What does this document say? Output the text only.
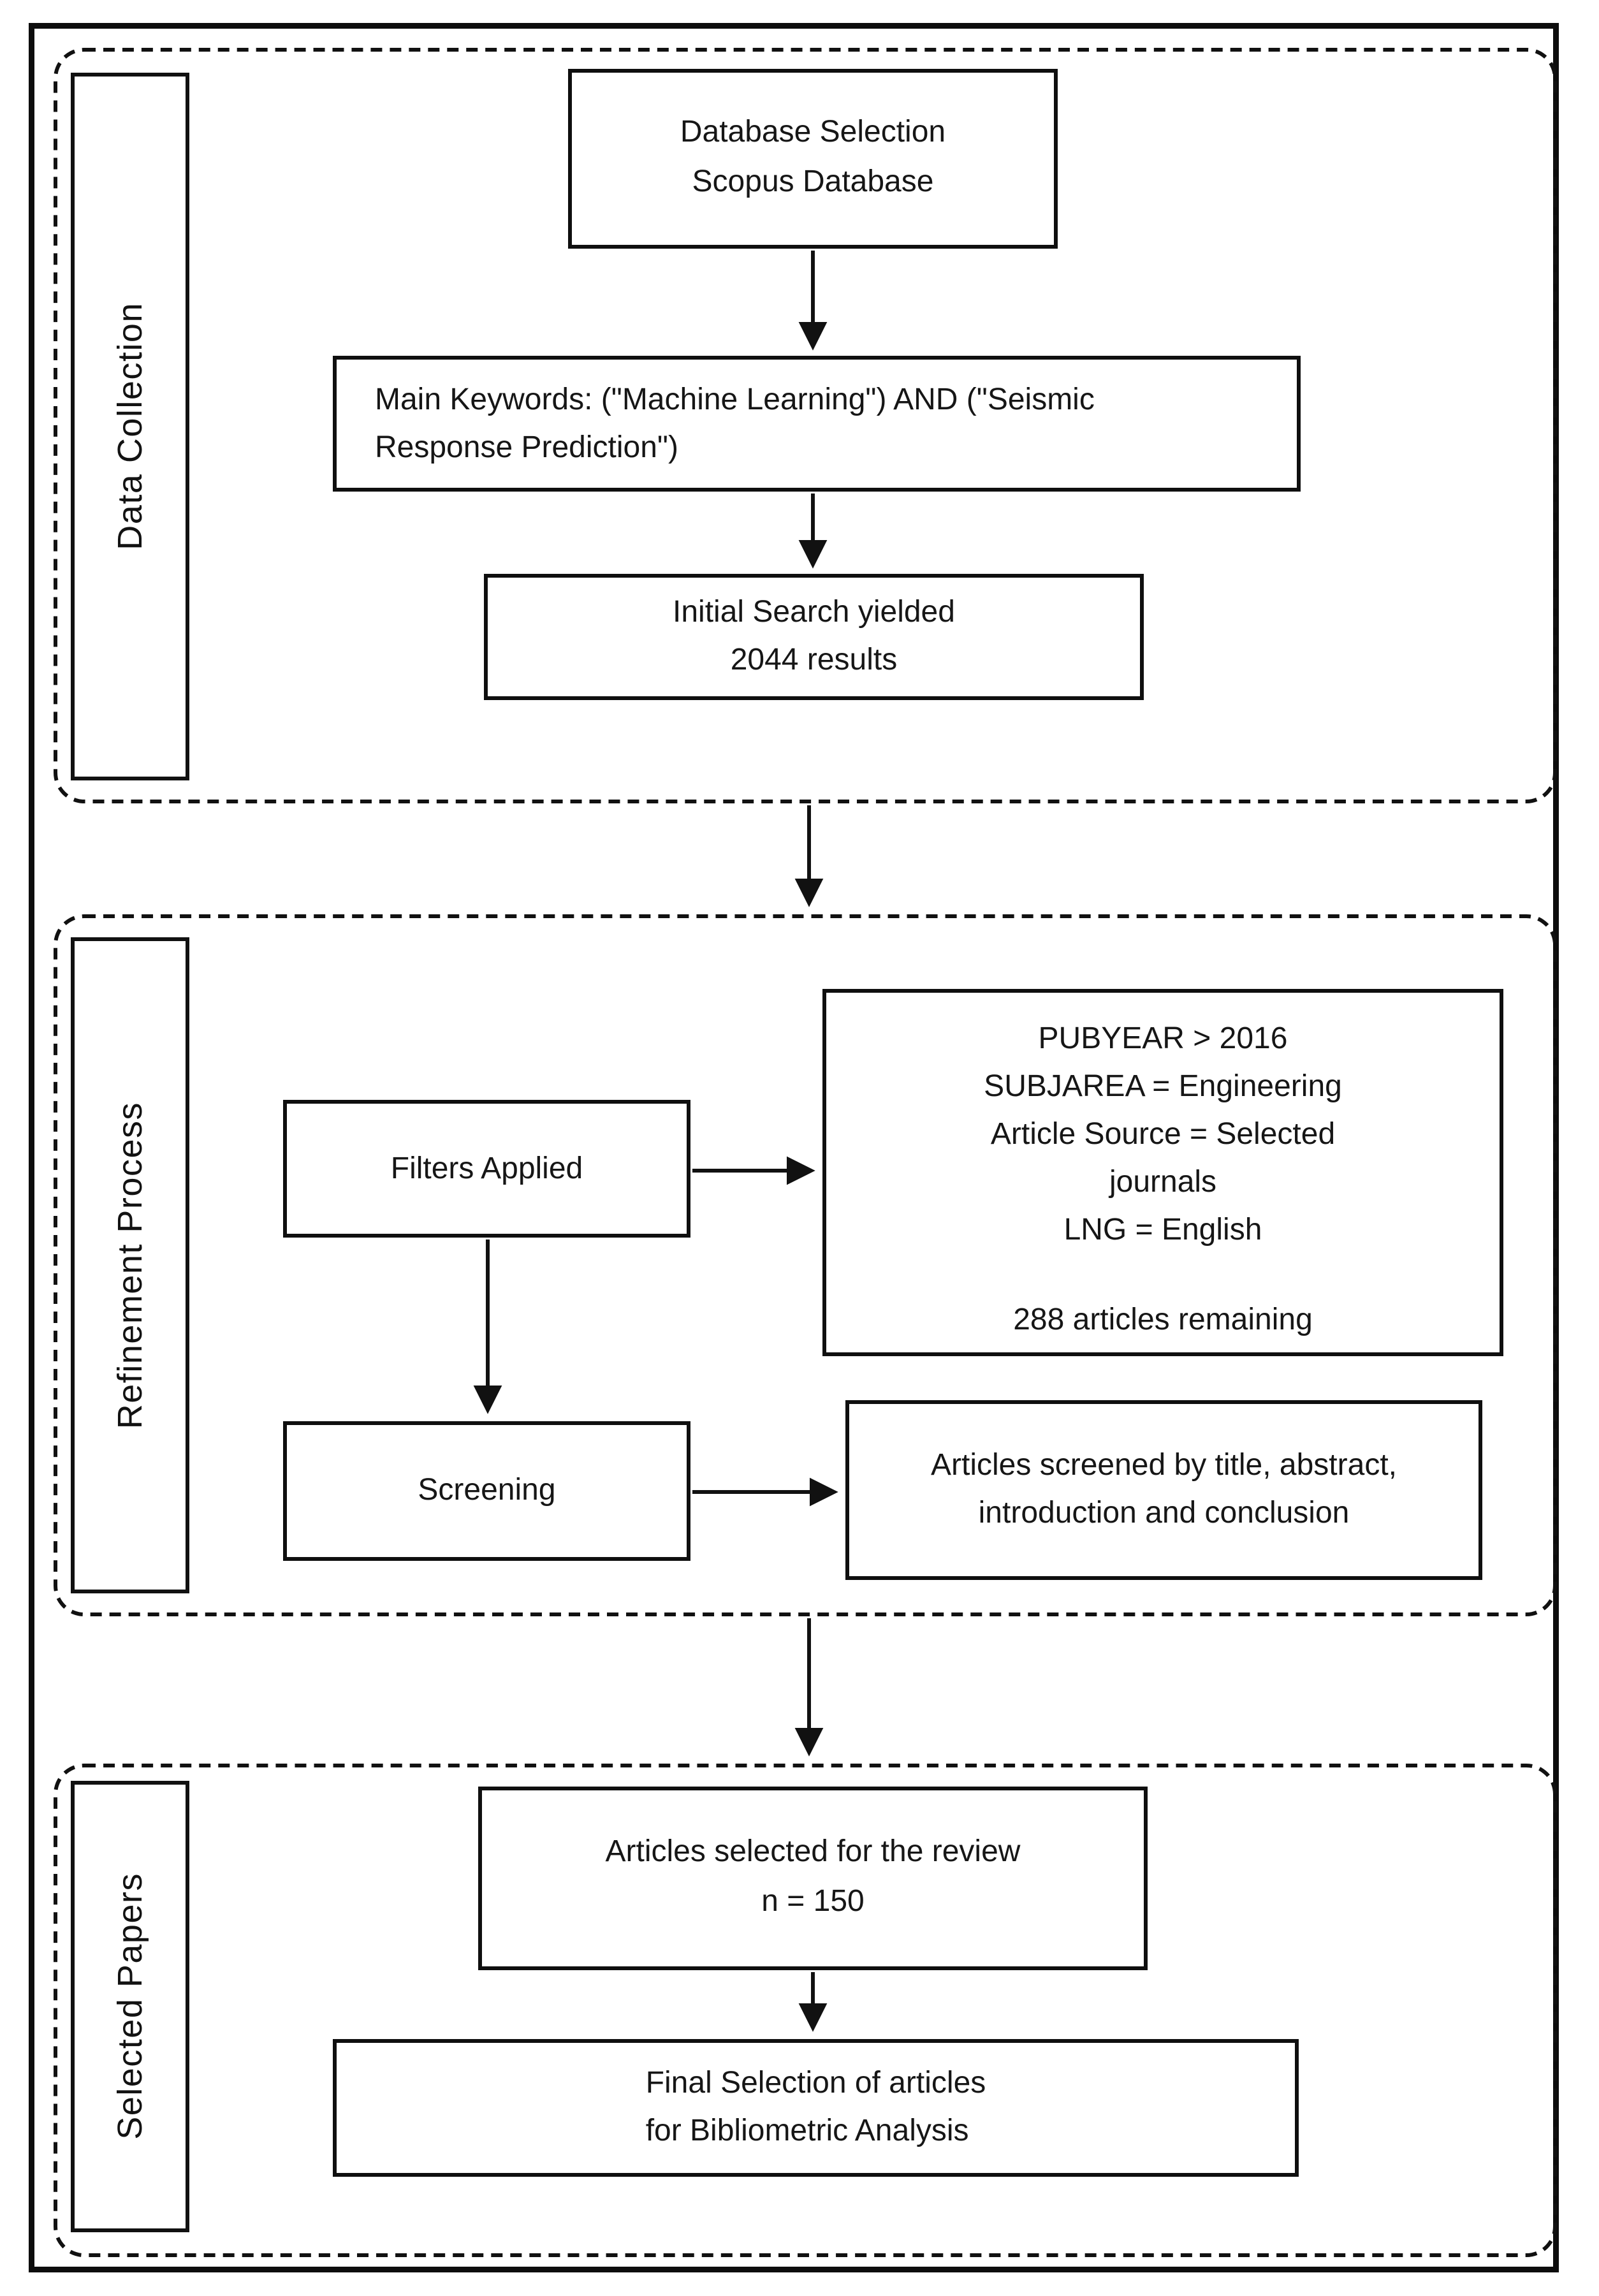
Data Collection
Refinement Process
Selected Papers
Database Selection
Scopus Database
Main Keywords: ("Machine Learning") AND ("Seismic
Response Prediction")
Initial Search yielded
2044 results
Filters Applied
PUBYEAR > 2016
SUBJAREA = Engineering
Article Source = Selected
journals
LNG = English
288 articles remaining
Screening
Articles screened by title, abstract,
introduction and conclusion
Articles selected for the review
n = 150
Final Selection of articles
for Bibliometric Analysis
